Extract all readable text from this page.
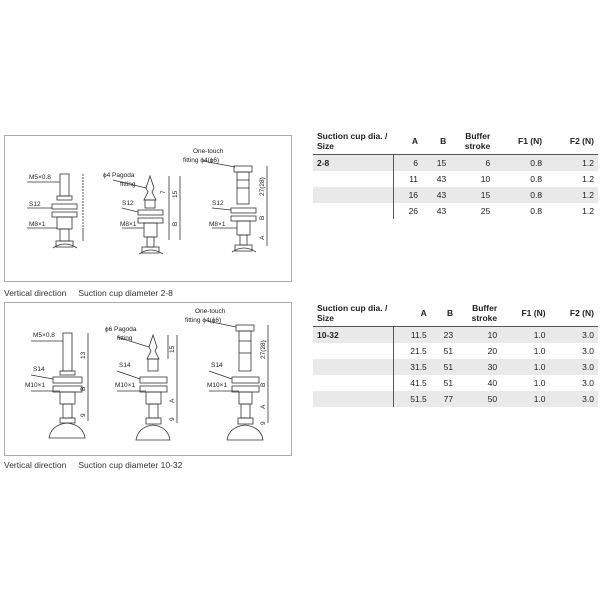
M5×0.8
S12
M8×1
ϕ4 Pagoda
fitting
S12
M8×1
One-touch
fitting ϕ4(ϕ6)
S12
M8×1
7 15
B
27(28)
B
A
Vertical direction Suction cup diameter 2-8
Suction cup dia. / Size	A	B	Buffer stroke	F1 (N)	F2 (N)
2-8	6	15	6	0.8	1.2
	11	43	10	0.8	1.2
	16	43	15	0.8	1.2
	26	43	25	0.8	1.2
M5×0.8
S14
M10×1
ϕ6 Pagoda
fitting
S14
M10×1
One-touch
fitting ϕ4(ϕ6)
S14
M10×1
13
B
9
15
A
9
27(28)
B
A
9
Vertical direction Suction cup diameter 10-32
Suction cup dia. / Size	A	B	Buffer stroke	F1 (N)	F2 (N)
10-32	11.5	23	10	1.0	3.0
	21.5	51	20	1.0	3.0
	31.5	51	30	1.0	3.0
	41.5	51	40	1.0	3.0
	51.5	77	50	1.0	3.0
